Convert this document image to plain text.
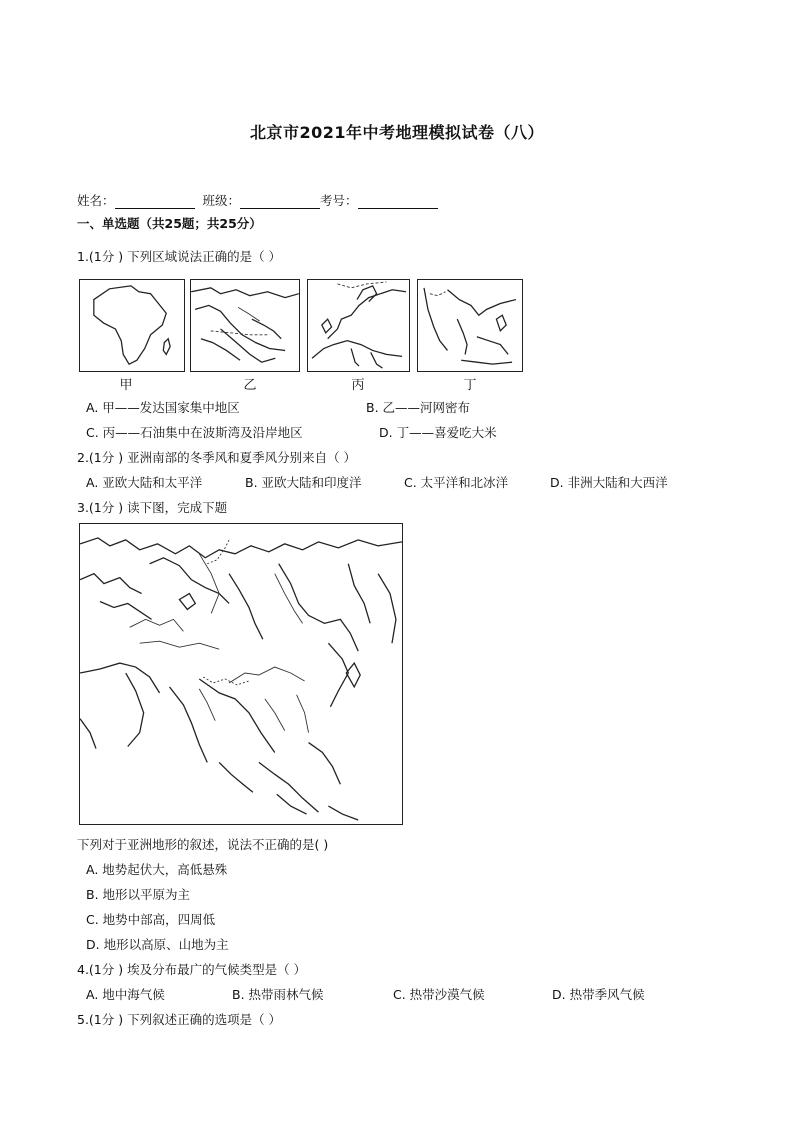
北京市2021年中考地理模拟试卷（八）
姓名：	班级：	考号：
一、单选题（共25题；共25分）
1.(1分 ) 下列区域说法正确的是（ ）
甲	乙	丙	丁
A. 甲——发达国家集中地区	B. 乙——河网密布
C. 丙——石油集中在波斯湾及沿岸地区	D. 丁——喜爱吃大米
2.(1分 ) 亚洲南部的冬季风和夏季风分别来自（ ）
A. 亚欧大陆和太平洋	B. 亚欧大陆和印度洋	C. 太平洋和北冰洋	D. 非洲大陆和大西洋
3.(1分 ) 读下图，完成下题
下列对于亚洲地形的叙述，说法不正确的是( )
A. 地势起伏大，高低悬殊
B. 地形以平原为主
C. 地势中部高，四周低
D. 地形以高原、山地为主
4.(1分 ) 埃及分布最广的气候类型是（ ）
A. 地中海气候	B. 热带雨林气候	C. 热带沙漠气候	D. 热带季风气候
5.(1分 ) 下列叙述正确的选项是（ ）
